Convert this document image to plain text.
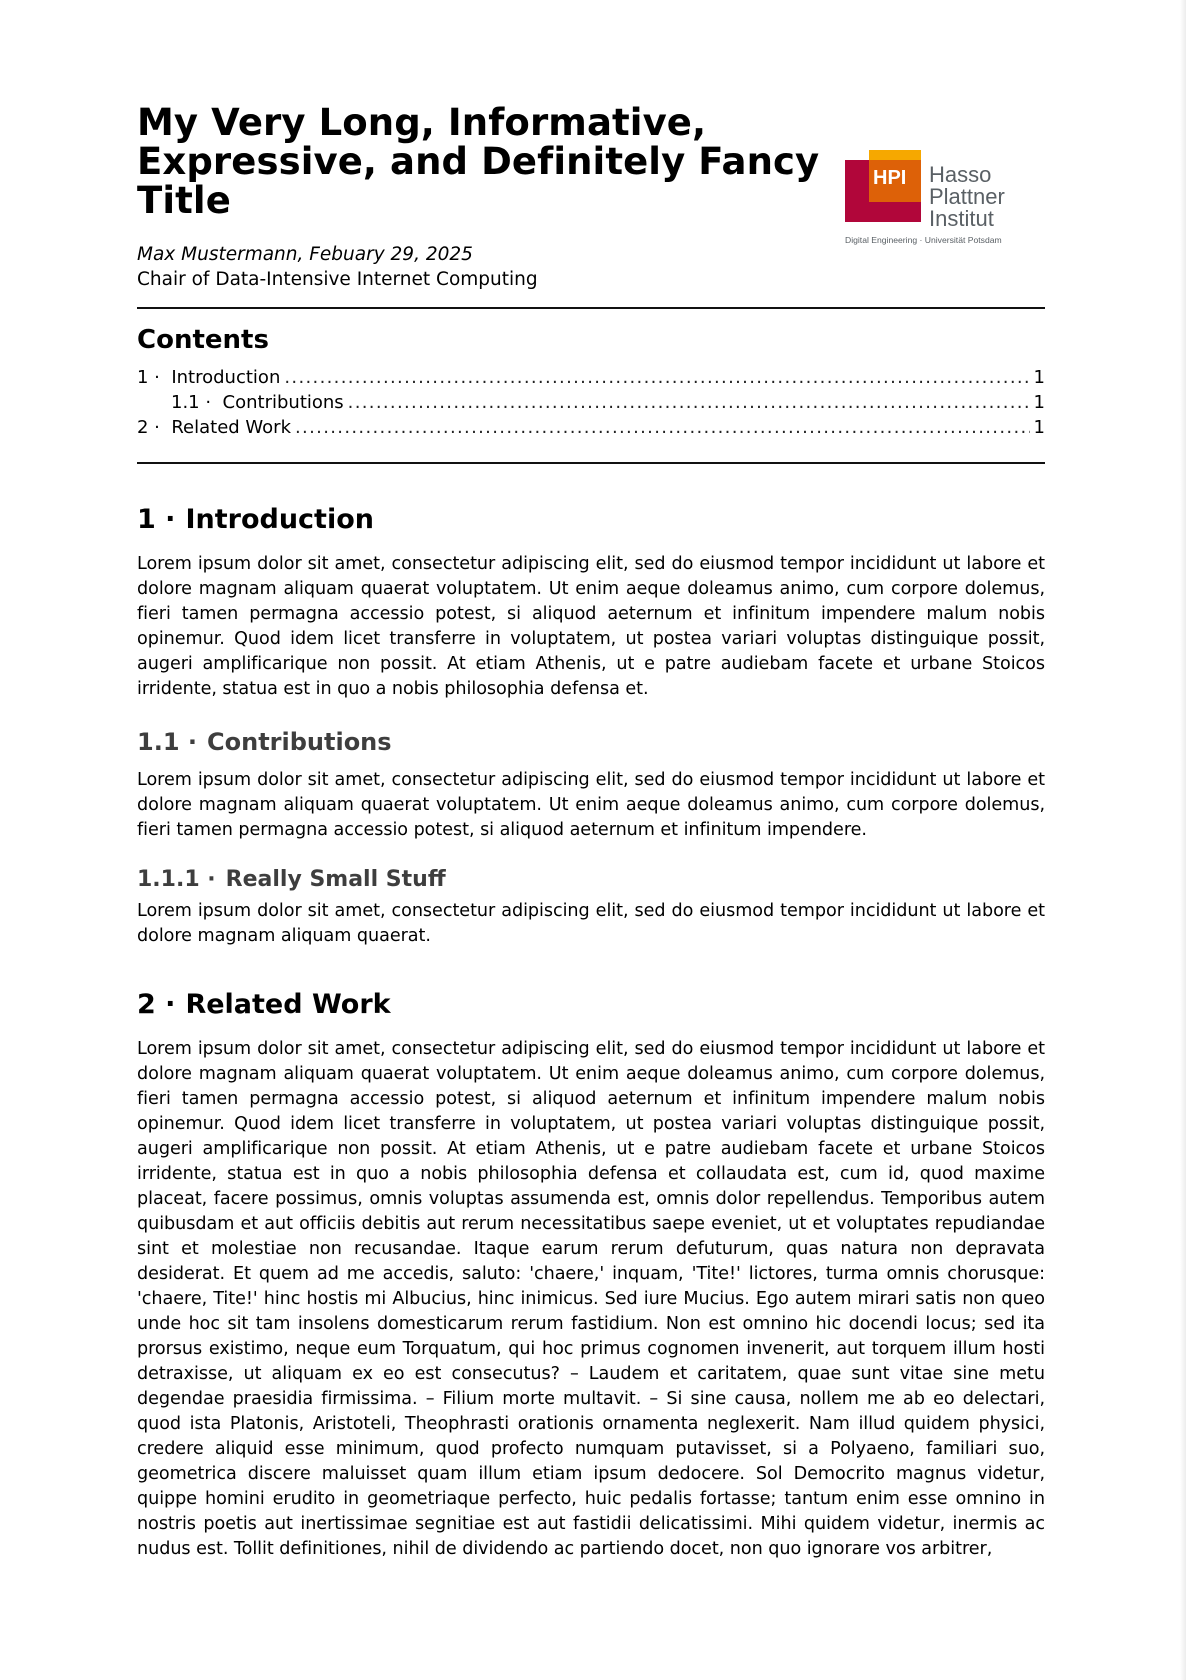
My Very Long, Informative, Expressive, and Definitely Fancy Title
Max Mustermann, Febuary 29, 2025
Chair of Data-Intensive Internet Computing
HPI Hasso
Plattner
Institut
Digital Engineering · Universität Potsdam
Contents
1 · Introduction . . .	1
1.1 · Contributions . . .	1
2 · Related Work . . .	1
1 · Introduction

Lorem ipsum dolor sit amet, consectetur adipiscing elit, sed do eiusmod tempor incididunt ut labore et dolore magnam aliquam quaerat voluptatem. Ut enim aeque doleamus animo, cum corpore dolemus, fieri tamen permagna accessio potest, si aliquod aeternum et infinitum impendere malum nobis opinemur. Quod idem licet transferre in voluptatem, ut postea variari voluptas distinguique possit, augeri amplificarique non possit. At etiam Athenis, ut e patre audiebam facete et urbane Stoicos irridente, statua est in quo a nobis philosophia defensa et.

1.1 · Contributions

Lorem ipsum dolor sit amet, consectetur adipiscing elit, sed do eiusmod tempor incididunt ut labore et dolore magnam aliquam quaerat voluptatem. Ut enim aeque doleamus animo, cum corpore dolemus, fieri tamen permagna accessio potest, si aliquod aeternum et infinitum impendere.

1.1.1 · Really Small Stuff

Lorem ipsum dolor sit amet, consectetur adipiscing elit, sed do eiusmod tempor incididunt ut labore et dolore magnam aliquam quaerat.

2 · Related Work

Lorem ipsum dolor sit amet, consectetur adipiscing elit, sed do eiusmod tempor incididunt ut labore et dolore magnam aliquam quaerat voluptatem. Ut enim aeque doleamus animo, cum corpore dolemus, fieri tamen permagna accessio potest, si aliquod aeternum et infinitum impendere malum nobis opinemur. Quod idem licet transferre in voluptatem, ut postea variari voluptas distinguique possit, augeri amplificarique non possit. At etiam Athenis, ut e patre audiebam facete et urbane Stoicos irridente, statua est in quo a nobis philosophia defensa et collaudata est, cum id, quod maxime placeat, facere possimus, omnis voluptas assumenda est, omnis dolor repellendus. Temporibus autem quibusdam et aut officiis debitis aut rerum necessitatibus saepe eveniet, ut et voluptates repudiandae sint et molestiae non recusandae. Itaque earum rerum defuturum, quas natura non depravata desiderat. Et quem ad me accedis, saluto: 'chaere,' inquam, 'Tite!' lictores, turma omnis chorusque: 'chaere, Tite!' hinc hostis mi Albucius, hinc inimicus. Sed iure Mucius. Ego autem mirari satis non queo unde hoc sit tam insolens domesticarum rerum fastidium. Non est omnino hic docendi locus; sed ita prorsus existimo, neque eum Torquatum, qui hoc primus cognomen invenerit, aut torquem illum hosti detraxisse, ut aliquam ex eo est consecutus? – Laudem et caritatem, quae sunt vitae sine metu degendae praesidia firmissima. – Filium morte multavit. – Si sine causa, nollem me ab eo delectari, quod ista Platonis, Aristoteli, Theophrasti orationis ornamenta neglexerit. Nam illud quidem physici, credere aliquid esse minimum, quod profecto numquam putavisset, si a Polyaeno, familiari suo, geometrica discere maluisset quam illum etiam ipsum dedocere. Sol Democrito magnus videtur, quippe homini erudito in geometriaque perfecto, huic pedalis fortasse; tantum enim esse omnino in nostris poetis aut inertissimae segnitiae est aut fastidii delicatissimi. Mihi quidem videtur, inermis ac nudus est. Tollit definitiones, nihil de dividendo ac partiendo docet, non quo ignorare vos arbitrer,
